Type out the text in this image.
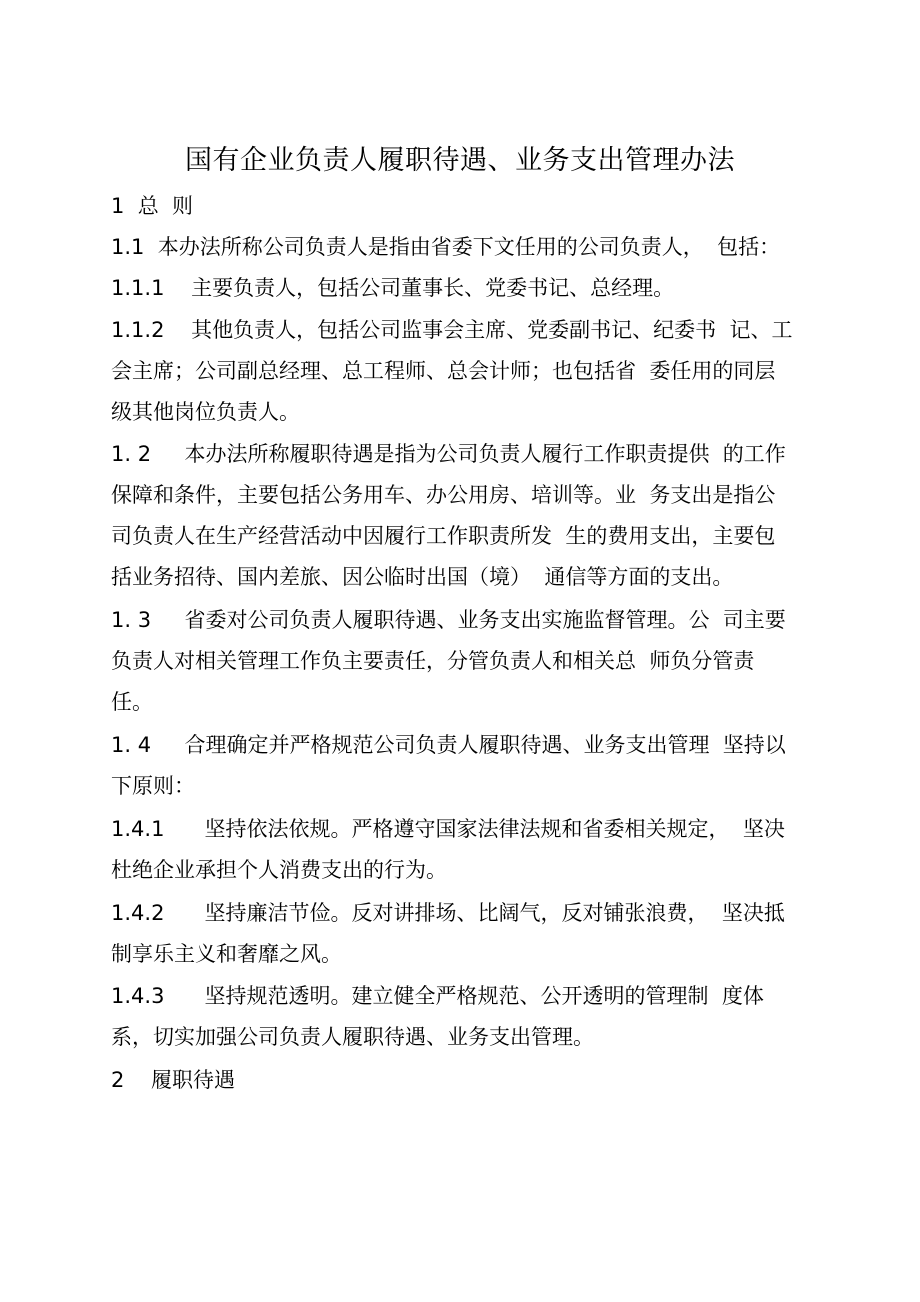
国有企业负责人履职待遇、业务支出管理办法
1  总  则
1.1  本办法所称公司负责人是指由省委下文任用的公司负责人，  包括：
1.1.1    主要负责人，包括公司董事长、党委书记、总经理。
1.1.2    其他负责人，包括公司监事会主席、党委副书记、纪委书  记、工
会主席；公司副总经理、总工程师、总会计师；也包括省  委任用的同层
级其他岗位负责人。
1. 2     本办法所称履职待遇是指为公司负责人履行工作职责提供  的工作
保障和条件，主要包括公务用车、办公用房、培训等。业  务支出是指公
司负责人在生产经营活动中因履行工作职责所发  生的费用支出，主要包
括业务招待、国内差旅、因公临时出国（境）  通信等方面的支出。
1. 3     省委对公司负责人履职待遇、业务支出实施监督管理。公  司主要
负责人对相关管理工作负主要责任，分管负责人和相关总  师负分管责
任。
1. 4     合理确定并严格规范公司负责人履职待遇、业务支出管理  坚持以
下原则：
1.4.1      坚持依法依规。严格遵守国家法律法规和省委相关规定，  坚决
杜绝企业承担个人消费支出的行为。
1.4.2      坚持廉洁节俭。反对讲排场、比阔气，反对铺张浪费，  坚决抵
制享乐主义和奢靡之风。
1.4.3      坚持规范透明。建立健全严格规范、公开透明的管理制  度体
系，切实加强公司负责人履职待遇、业务支出管理。
2    履职待遇
